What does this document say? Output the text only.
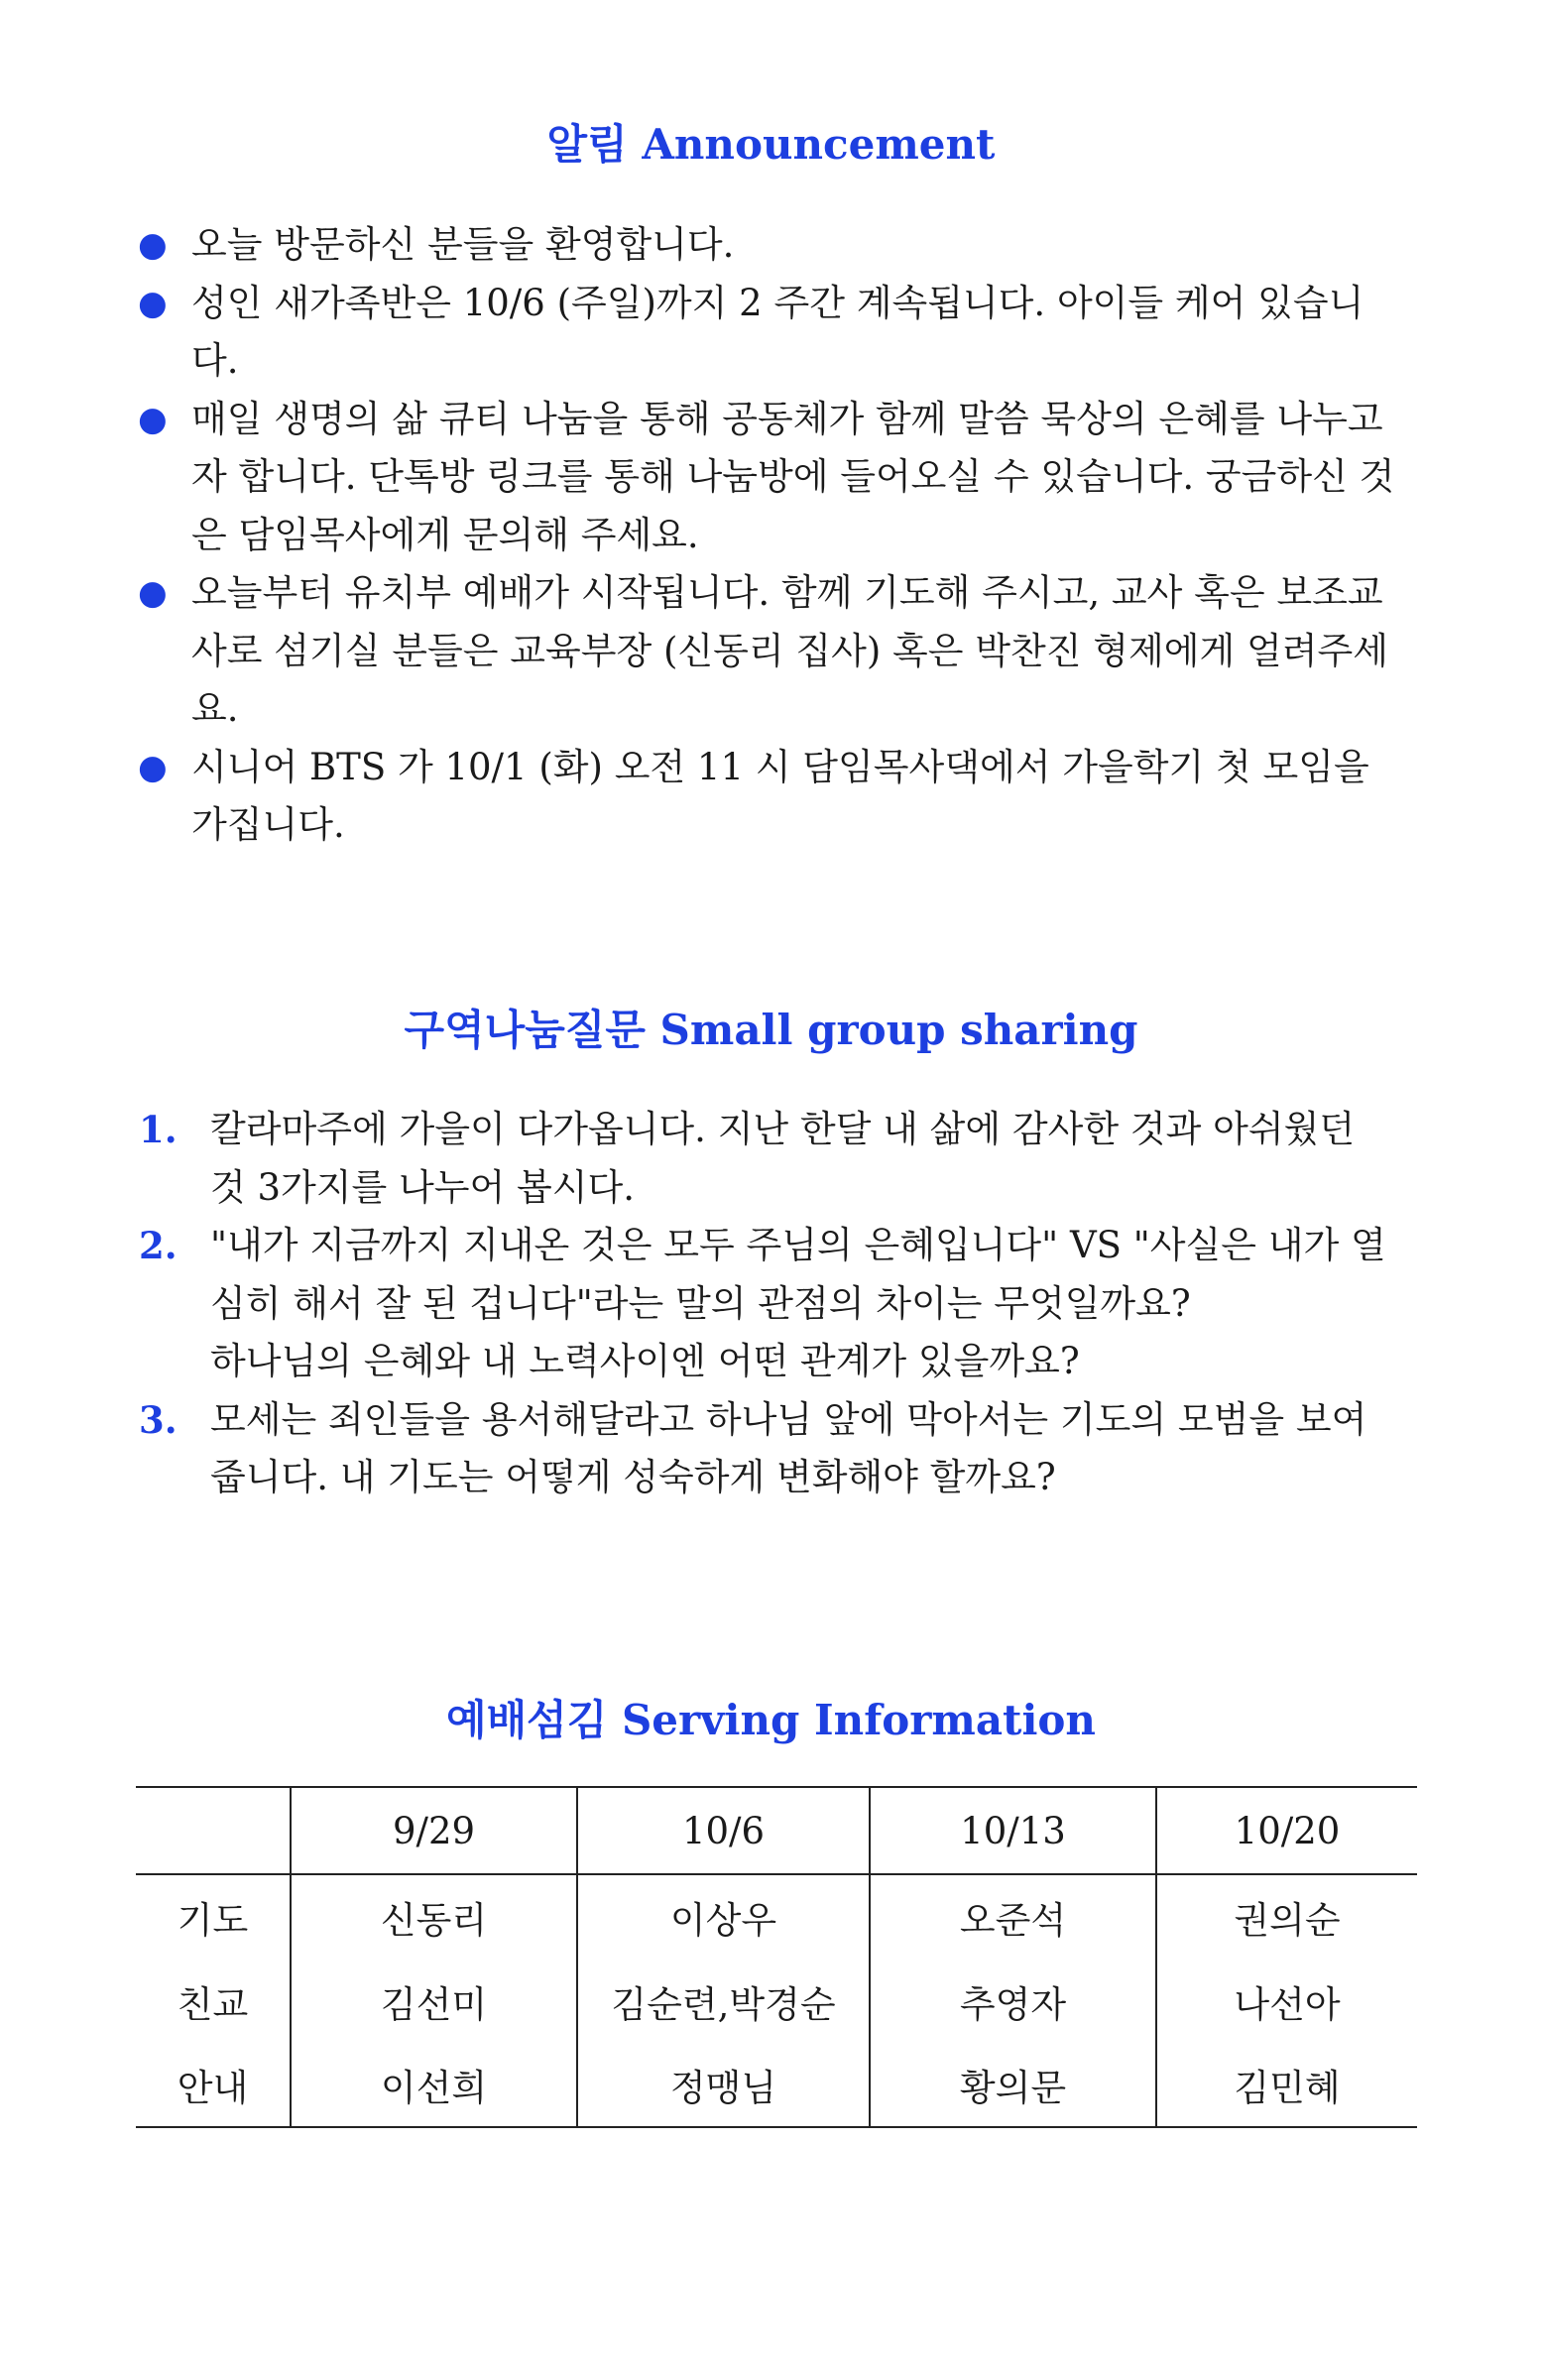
알림 Announcement
● 오늘 방문하신 분들을 환영합니다.
● 성인 새가족반은 10/6 (주일)까지 2 주간 계속됩니다. 아이들 케어 있습니다.
● 매일 생명의 삶 큐티 나눔을 통해 공동체가 함께 말씀 묵상의 은혜를 나누고자 합니다. 단톡방 링크를 통해 나눔방에 들어오실 수 있습니다. 궁금하신 것은 담임목사에게 문의해 주세요.
● 오늘부터 유치부 예배가 시작됩니다. 함께 기도해 주시고, 교사 혹은 보조교사로 섬기실 분들은 교육부장 (신동리 집사) 혹은 박찬진 형제에게 얼려주세요.
● 시니어 BTS 가 10/1 (화) 오전 11 시 담임목사댁에서 가을학기 첫 모임을 가집니다.
구역나눔질문 Small group sharing
1. 칼라마주에 가을이 다가옵니다. 지난 한달 내 삶에 감사한 것과 아쉬웠던 것 3가지를 나누어 봅시다.
2. "내가 지금까지 지내온 것은 모두 주님의 은혜입니다" VS "사실은 내가 열심히 해서 잘 된 겁니다"라는 말의 관점의 차이는 무엇일까요?
하나님의 은혜와 내 노력사이엔 어떤 관계가 있을까요?
3. 모세는 죄인들을 용서해달라고 하나님 앞에 막아서는 기도의 모범을 보여줍니다. 내 기도는 어떻게 성숙하게 변화해야 할까요?
예배섬김 Serving Information
	9/29	10/6	10/13	10/20
기도	신동리	이상우	오준석	권의순
친교	김선미	김순련,박경순	추영자	나선아
안내	이선희	정맹님	황의문	김민혜
